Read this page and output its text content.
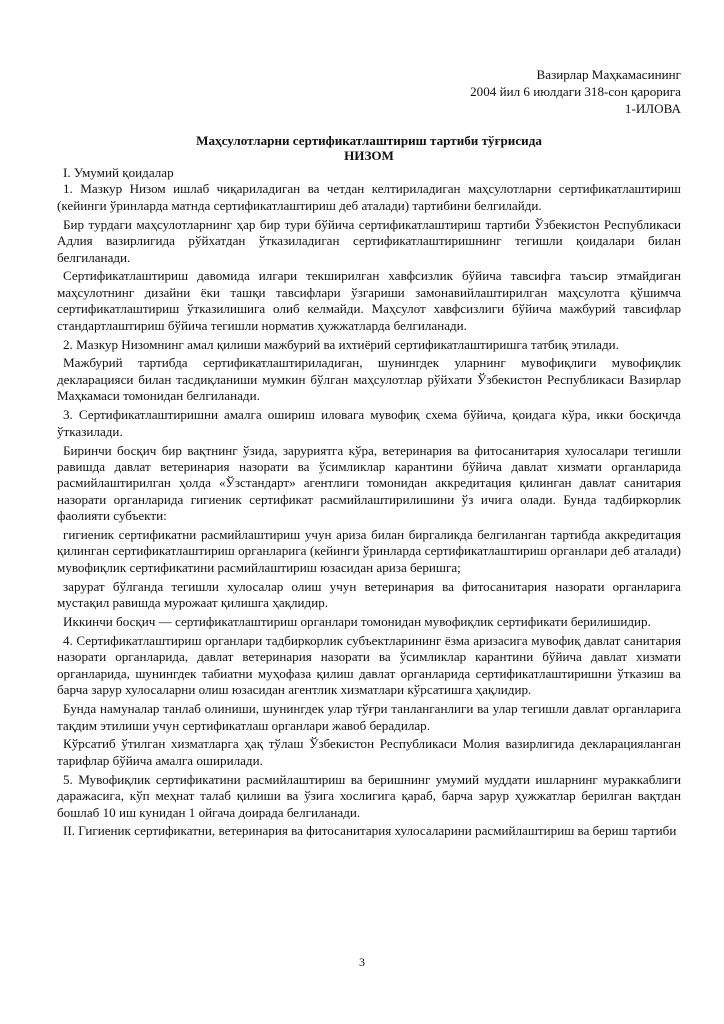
Вазирлар Маҳкамасининг
2004 йил 6 июлдаги 318-сон қарорига
1-ИЛОВА
Маҳсулотларни сертификатлаштириш тартиби тўғрисида
НИЗОМ
I. Умумий қоидалар

1. Мазкур Низом ишлаб чиқариладиган ва четдан келтириладиган маҳсулотларни сертификатлаштириш (кейинги ўринларда матнда сертификатлаштириш деб аталади) тартибини белгилайди.

Бир турдаги маҳсулотларнинг ҳар бир тури бўйича сертификатлаштириш тартиби Ўзбекистон Республикаси Адлия вазирлигида рўйхатдан ўтказиладиган сертификатлаштиришнинг тегишли қоидалари билан белгиланади.

Сертификатлаштириш давомида илгари текширилган хавфсизлик бўйича тавсифга таъсир этмайдиган маҳсулотнинг дизайни ёки ташқи тавсифлари ўзгариши замонавийлаштирилган маҳсулотга қўшимча сертификатлаштириш ўтказилишига олиб келмайди. Маҳсулот хавфсизлиги бўйича мажбурий тавсифлар стандартлаштириш бўйича тегишли норматив ҳужжатларда белгиланади.

2. Мазкур Низомнинг амал қилиши мажбурий ва ихтиёрий сертификатлаштиришга татбиқ этилади.

Мажбурий тартибда сертификатлаштириладиган, шунингдек уларнинг мувофиқлиги мувофиқлик декларацияси билан тасдиқланиши мумкин бўлган маҳсулотлар рўйхати Ўзбекистон Республикаси Вазирлар Маҳкамаси томонидан белгиланади.

3. Сертификатлаштиришни амалга ошириш иловага мувофиқ схема бўйича, қоидага кўра, икки босқичда ўтказилади.

Биринчи босқич бир вақтнинг ўзида, заруриятга кўра, ветеринария ва фитосанитария хулосалари тегишли равишда давлат ветеринария назорати ва ўсимликлар карантини бўйича давлат хизмати органларида расмийлаштирилган ҳолда «Ўзстандарт» агентлиги томонидан аккредитация қилинган давлат санитария назорати органларида гигиеник сертификат расмийлаштирилишини ўз ичига олади. Бунда тадбиркорлик фаолияти субъекти:

гигиеник сертификатни расмийлаштириш учун ариза билан биргаликда белгиланган тартибда аккредитация қилинган сертификатлаштириш органларига (кейинги ўринларда сертификатлаштириш органлари деб аталади) мувофиқлик сертификатини расмийлаштириш юзасидан ариза беришга;

зарурат бўлганда тегишли хулосалар олиш учун ветеринария ва фитосанитария назорати органларига мустақил равишда мурожаат қилишга ҳақлидир.

Иккинчи босқич — сертификатлаштириш органлари томонидан мувофиқлик сертификати берилишидир.

4. Сертификатлаштириш органлари тадбиркорлик субъектларининг ёзма аризасига мувофиқ давлат санитария назорати органларида, давлат ветеринария назорати ва ўсимликлар карантини бўйича давлат хизмати органларида, шунингдек табиатни муҳофаза қилиш давлат органларида сертификатлаштиришни ўтказиш ва барча зарур хулосаларни олиш юзасидан агентлик хизматлари кўрсатишга ҳақлидир.

Бунда намуналар танлаб олиниши, шунингдек улар тўғри танланганлиги ва улар тегишли давлат органларига тақдим этилиши учун сертификатлаш органлари жавоб берадилар.

Кўрсатиб ўтилган хизматларга ҳақ тўлаш Ўзбекистон Республикаси Молия вазирлигида декларацияланган тарифлар бўйича амалга оширилади.

5. Мувофиқлик сертификатини расмийлаштириш ва беришнинг умумий муддати ишларнинг мураккаблиги даражасига, кўп меҳнат талаб қилиши ва ўзига хослигига қараб, барча зарур ҳужжатлар берилган вақтдан бошлаб 10 иш кунидан 1 ойгача доирада белгиланади.

II. Гигиеник сертификатни, ветеринария ва фитосанитария хулосаларини расмийлаштириш ва бериш тартиби

3
